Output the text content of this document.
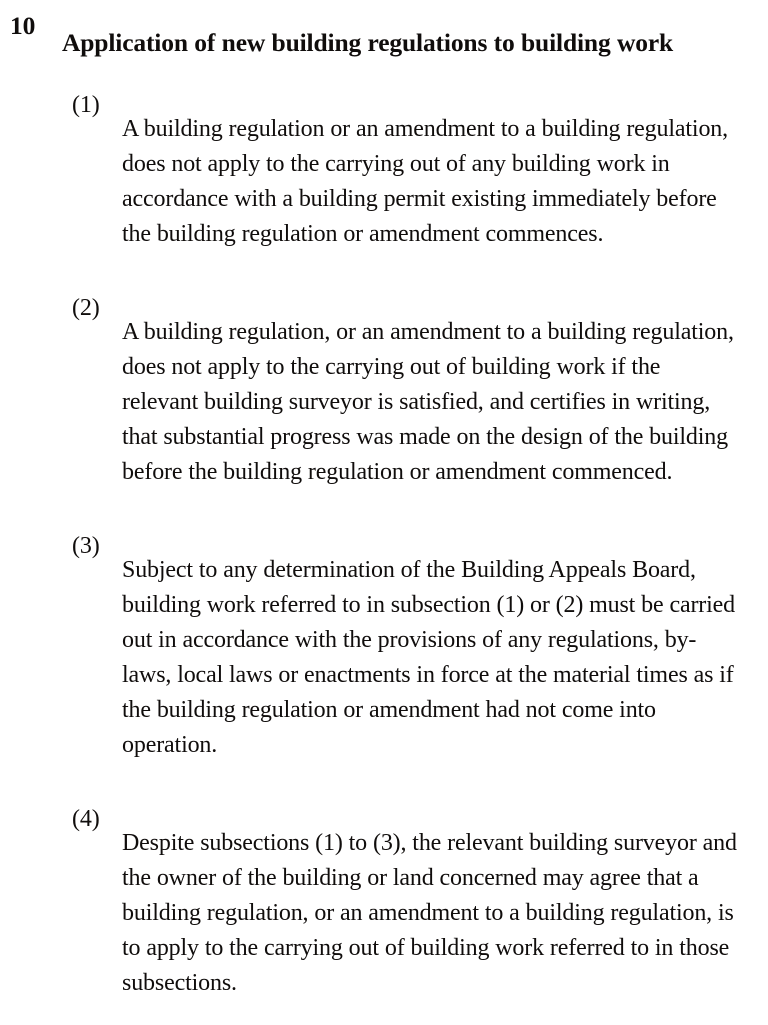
10
Application of new building regulations to building work
(1)

A building regulation or an amendment to a building regulation, does not apply to the carrying out of any building work in accordance with a building permit existing immediately before the building regulation or amendment commences.

(2)

A building regulation, or an amendment to a building regulation, does not apply to the carrying out of building work if the relevant building surveyor is satisfied, and certifies in writing, that substantial progress was made on the design of the building before the building regulation or amendment commenced.

(3)

Subject to any determination of the Building Appeals Board, building work referred to in subsection (1) or (2) must be carried out in accordance with the provisions of any regulations, by-laws, local laws or enactments in force at the material times as if the building regulation or amendment had not come into operation.

(4)

Despite subsections (1) to (3), the relevant building surveyor and the owner of the building or land concerned may agree that a building regulation, or an amendment to a building regulation, is to apply to the carrying out of building work referred to in those subsections.
